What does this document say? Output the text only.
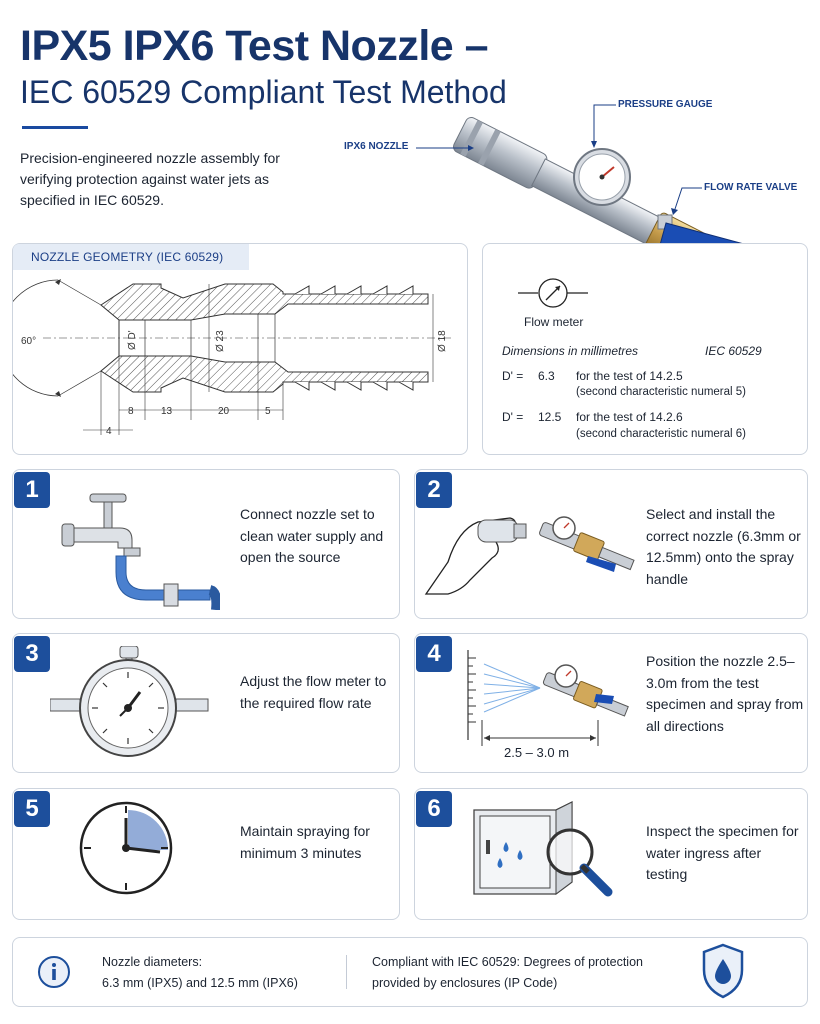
IPX5 IPX6 Test Nozzle –
IEC 60529 Compliant Test Method
Precision-engineered nozzle assembly for verifying protection against water jets as specified in IEC 60529.
IPX6 NOZZLE
PRESSURE GAUGE
FLOW RATE VALVE
NOZZLE GEOMETRY (IEC 60529)
60°	Ø D'	Ø 23	Ø 18
8	13	20	5
4
Flow meter
Dimensions in millimetres	IEC 60529
D' = 6.3 for the test of 14.2.5
(second characteristic numeral 5)
D' = 12.5 for the test of 14.2.6
(second characteristic numeral 6)
1
Connect nozzle set to clean water supply and open the source
2
Select and install the correct nozzle (6.3mm or 12.5mm) onto the spray handle
3
Adjust the flow meter to the required flow rate
4
2.5 – 3.0 m
Position the nozzle 2.5–3.0m from the test specimen and spray from all directions
5
Maintain spraying for minimum 3 minutes
6
Inspect the specimen for water ingress after testing
Nozzle diameters:
6.3 mm (IPX5) and 12.5 mm (IPX6)
Compliant with IEC 60529: Degrees of protection
provided by enclosures (IP Code)
